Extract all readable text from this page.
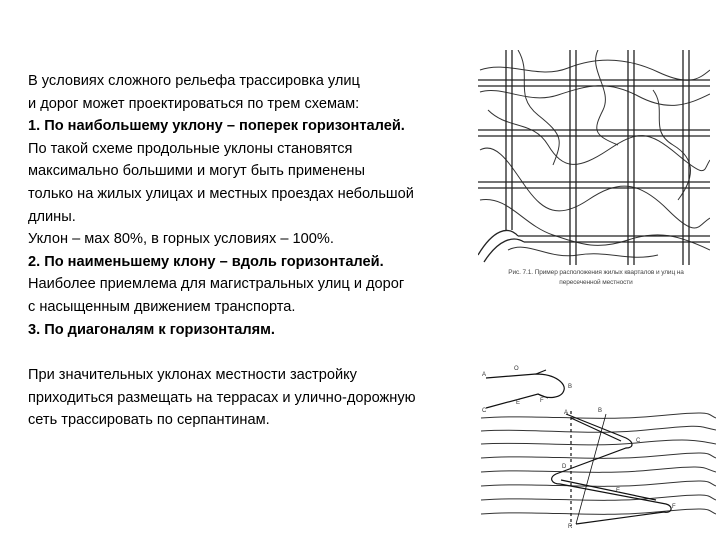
В условиях сложного рельефа трассировка улиц
и дорог может проектироваться по трем схемам:
1. По наибольшему уклону – поперек горизонталей.
По такой схеме продольные уклоны становятся
максимально большими и могут быть применены
только на жилых улицах и местных проездах небольшой
длины.
Уклон – мах 80%, в горных условиях – 100%.
2. По наименьшему клону – вдоль горизонталей.
Наиболее приемлема для магистральных улиц и дорог
с насыщенным движением транспорта.
3. По диагоналям к горизонталям.
При значительных уклонах местности застройку
приходиться размещать на террасах и улично-дорожную
сеть трассировать по серпантинам.
Рис. 7.1. Пример расположения жилых кварталов и улиц на
пересеченной местности
A
O
B
C
E	F
A	B
C
D
E
F
R
